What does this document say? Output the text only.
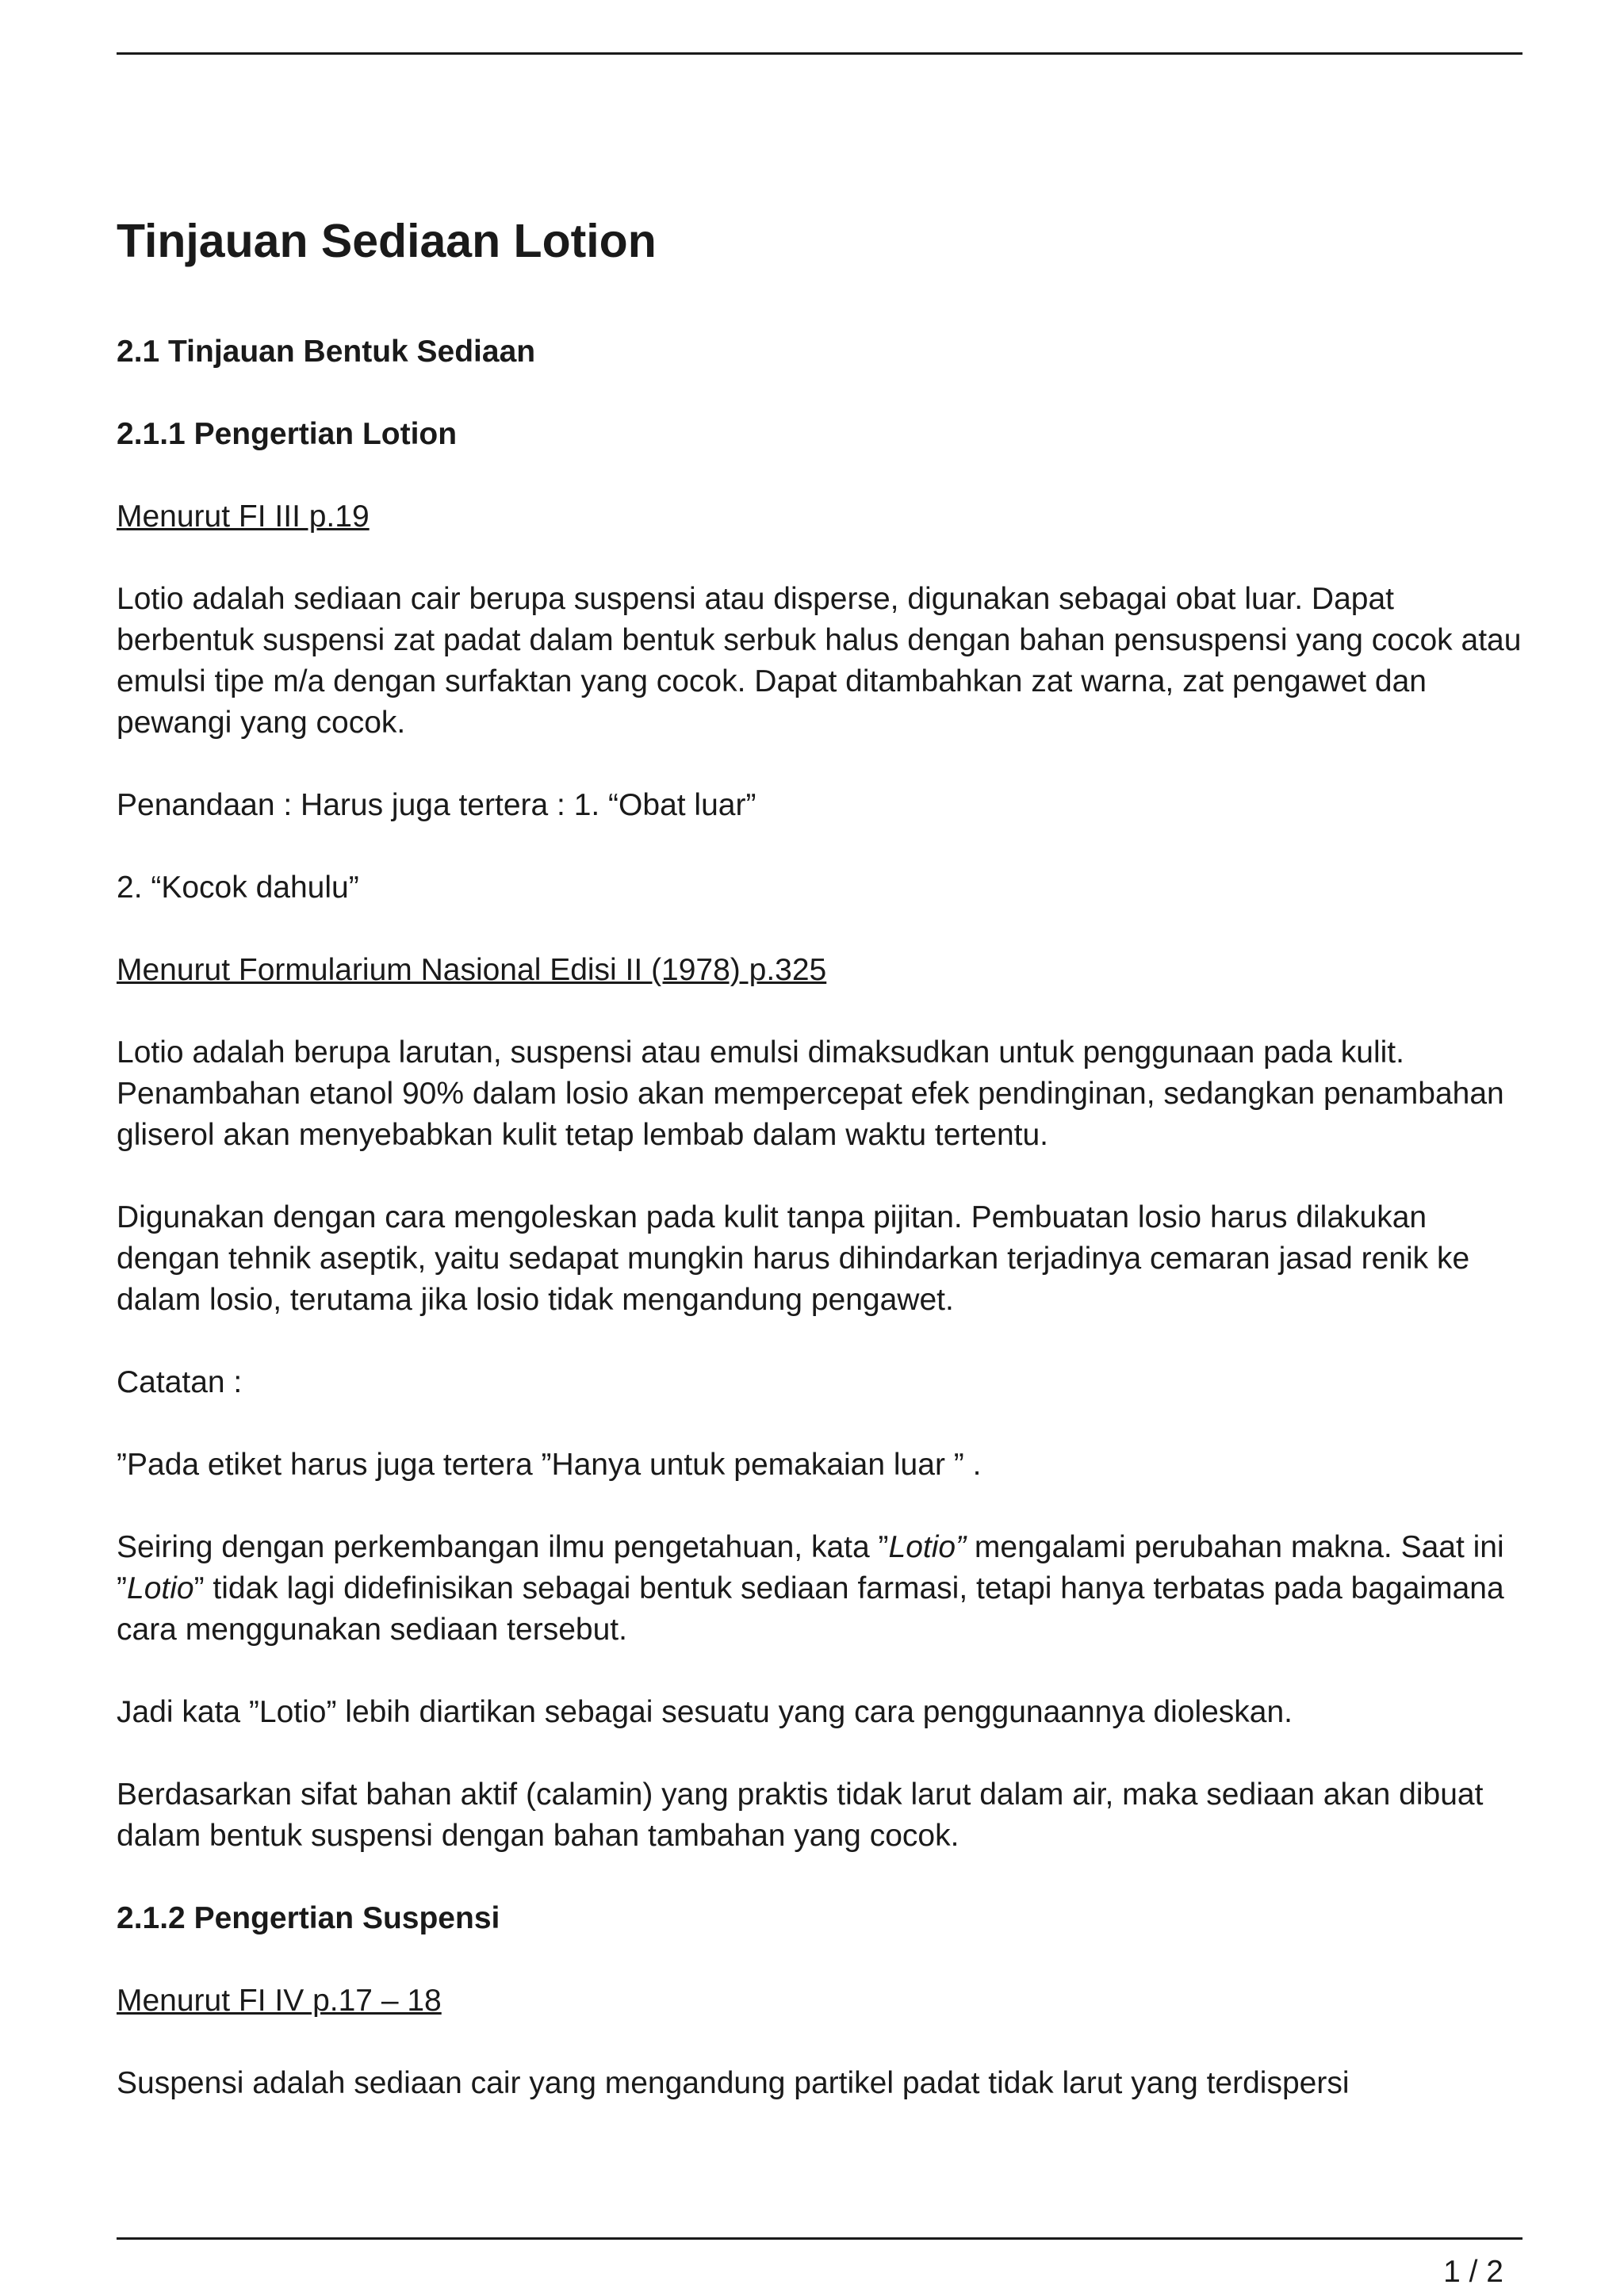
Tinjauan Sediaan Lotion
2.1 Tinjauan Bentuk Sediaan
2.1.1 Pengertian Lotion

Menurut FI III p.19

Lotio adalah sediaan cair berupa suspensi atau disperse, digunakan sebagai obat luar. Dapat berbentuk suspensi zat padat dalam bentuk serbuk halus dengan bahan pensuspensi yang cocok atau emulsi tipe m/a dengan surfaktan yang cocok. Dapat ditambahkan zat warna, zat pengawet dan pewangi yang cocok.

Penandaan : Harus juga tertera : 1. “Obat luar”

2. “Kocok dahulu”

Menurut Formularium Nasional Edisi II (1978) p.325

Lotio adalah berupa larutan, suspensi atau emulsi dimaksudkan untuk penggunaan pada kulit. Penambahan etanol 90% dalam losio akan mempercepat efek pendinginan, sedangkan penambahan gliserol akan menyebabkan kulit tetap lembab dalam waktu tertentu.

Digunakan dengan cara mengoleskan pada kulit tanpa pijitan. Pembuatan losio harus dilakukan dengan tehnik aseptik, yaitu sedapat mungkin harus dihindarkan terjadinya cemaran jasad renik ke dalam losio, terutama jika losio tidak mengandung pengawet.

Catatan :

”Pada etiket harus juga tertera ”Hanya untuk pemakaian luar ” .

Seiring dengan perkembangan ilmu pengetahuan, kata ”Lotio” mengalami perubahan makna. Saat ini ”Lotio” tidak lagi didefinisikan sebagai bentuk sediaan farmasi, tetapi hanya terbatas pada bagaimana cara menggunakan sediaan tersebut.

Jadi kata ”Lotio” lebih diartikan sebagai sesuatu yang cara penggunaannya dioleskan.

Berdasarkan sifat bahan aktif (calamin) yang praktis tidak larut dalam air, maka sediaan akan dibuat dalam bentuk suspensi dengan bahan tambahan yang cocok.

2.1.2 Pengertian Suspensi

Menurut FI IV p.17 – 18

Suspensi adalah sediaan cair yang mengandung partikel padat tidak larut yang terdispersi

1 / 2
